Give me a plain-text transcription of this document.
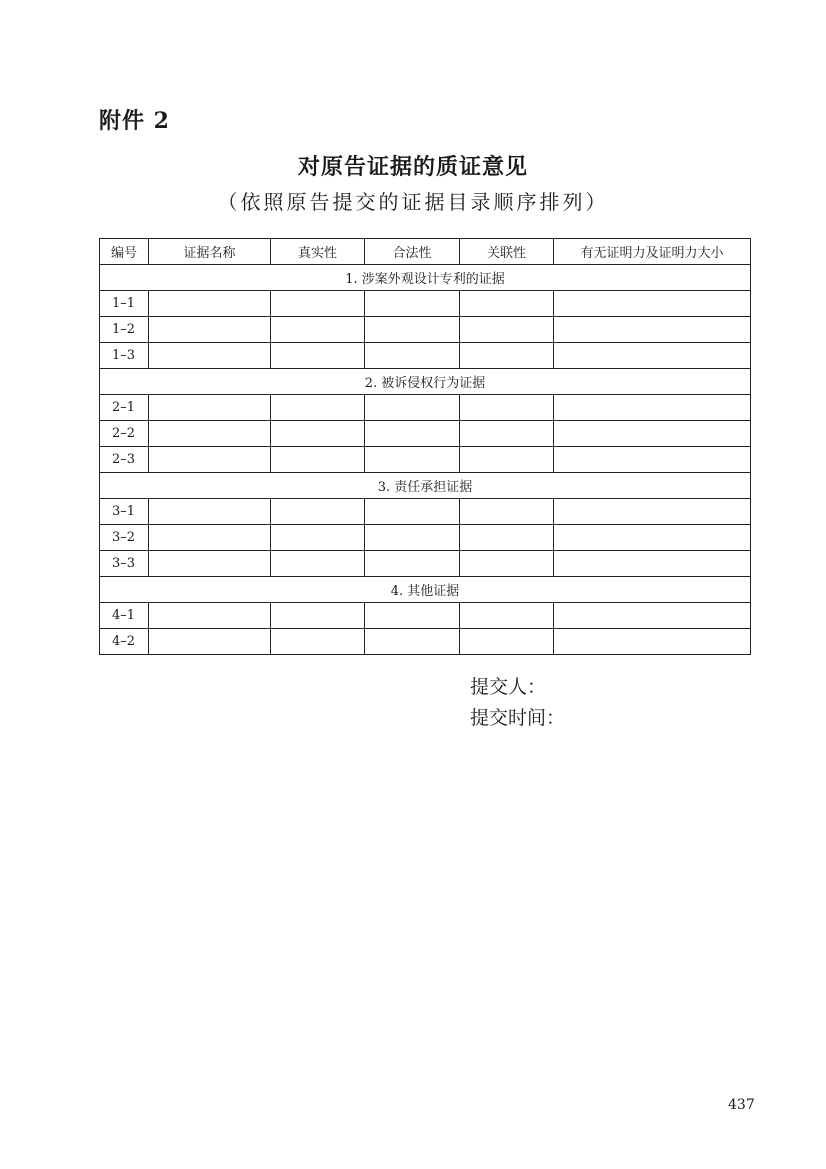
附件 2
对原告证据的质证意见
（依照原告提交的证据目录顺序排列）
编号	证据名称	真实性	合法性	关联性	有无证明力及证明力大小
1. 涉案外观设计专利的证据					
1–1					
1–2					
1–3					
2. 被诉侵权行为证据					
2–1					
2–2					
2–3					
3. 责任承担证据					
3–1					
3–2					
3–3					
4. 其他证据					
4–1					
4–2					
提交人：
提交时间：
437
